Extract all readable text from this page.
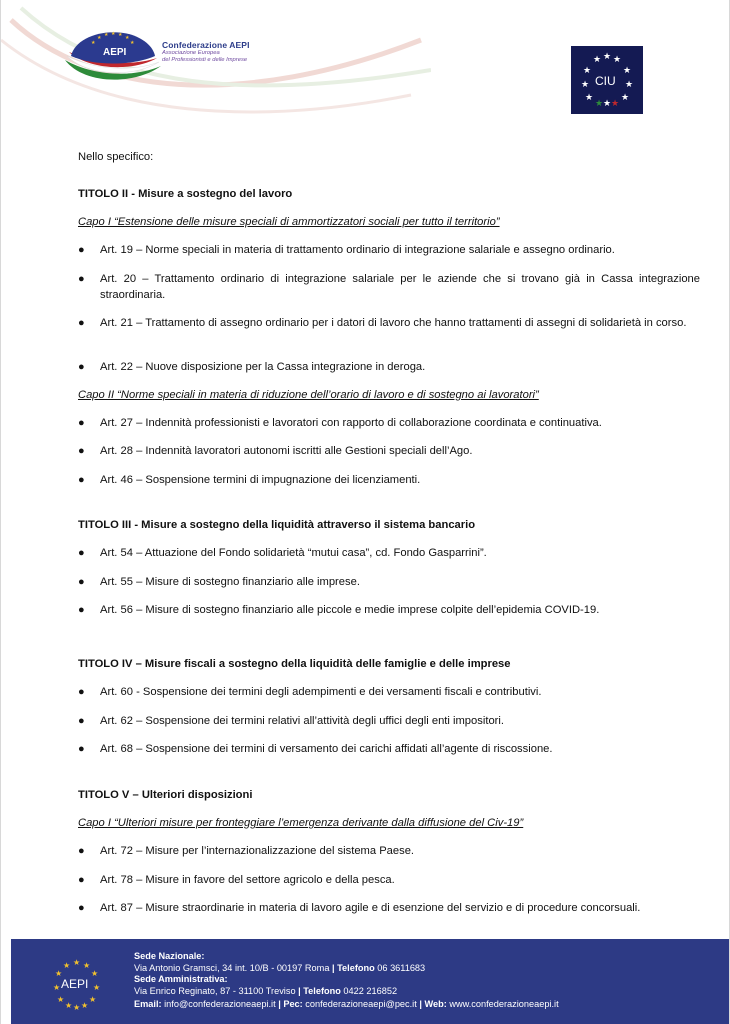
★ ★ ★ ★ ★
★	★
AEPI
Confederazione AEPI
Associazione Europea
del Professionisti e delle Imprese	★ ★ ★
★	★
★	★
★	★
CIU
★ ★ ★

Nello specifico:

TITOLO II - Misure a sostegno del lavoro

Capo I “Estensione delle misure speciali di ammortizzatori sociali per tutto il territorio”

● Art. 19 – Norme speciali in materia di trattamento ordinario di integrazione salariale e assegno ordinario.
● Art. 20 – Trattamento ordinario di integrazione salariale per le aziende che si trovano già in Cassa integrazione straordinaria.
● Art. 21 – Trattamento di assegno ordinario per i datori di lavoro che hanno trattamenti di assegni di solidarietà in corso.
● Art. 22 – Nuove disposizione per la Cassa integrazione in deroga.

Capo II “Norme speciali in materia di riduzione dell’orario di lavoro e di sostegno ai lavoratori”

● Art. 27 – Indennità professionisti e lavoratori con rapporto di collaborazione coordinata e continuativa.
● Art. 28 – Indennità lavoratori autonomi iscritti alle Gestioni speciali dell’Ago.
● Art. 46 – Sospensione termini di impugnazione dei licenziamenti.

TITOLO III - Misure a sostegno della liquidità attraverso il sistema bancario

● Art. 54 – Attuazione del Fondo solidarietà “mutui casa”, cd. Fondo Gasparrini”.
● Art. 55 – Misure di sostegno finanziario alle imprese.
● Art. 56 – Misure di sostegno finanziario alle piccole e medie imprese colpite dell’epidemia COVID-19.

TITOLO IV – Misure fiscali a sostegno della liquidità delle famiglie e delle imprese

● Art. 60 - Sospensione dei termini degli adempimenti e dei versamenti fiscali e contributivi.
● Art. 62 – Sospensione dei termini relativi all’attività degli uffici degli enti impositori.
● Art. 68 – Sospensione dei termini di versamento dei carichi affidati all’agente di riscossione.

TITOLO V – Ulteriori disposizioni

Capo I “Ulteriori misure per fronteggiare l’emergenza derivante dalla diffusione del Civ-19”

● Art. 72 – Misure per l’internazionalizzazione del sistema Paese.
● Art. 78 – Misure in favore del settore agricolo e della pesca.
● Art. 87 – Misure straordinarie in materia di lavoro agile e di esenzione del servizio e di procedure concorsuali.
★
★ ★
★	★
★	★
★	★
★ ★
★
AEPI
Sede Nazionale:
Via Antonio Gramsci, 34 int. 10/B - 00197 Roma | Telefono 06 3611683
Sede Amministrativa:
Via Enrico Reginato, 87 - 31100 Treviso | Telefono 0422 216852
Email: info@confederazioneaepi.it | Pec: confederazioneaepi@pec.it | Web: www.confederazioneaepi.it
